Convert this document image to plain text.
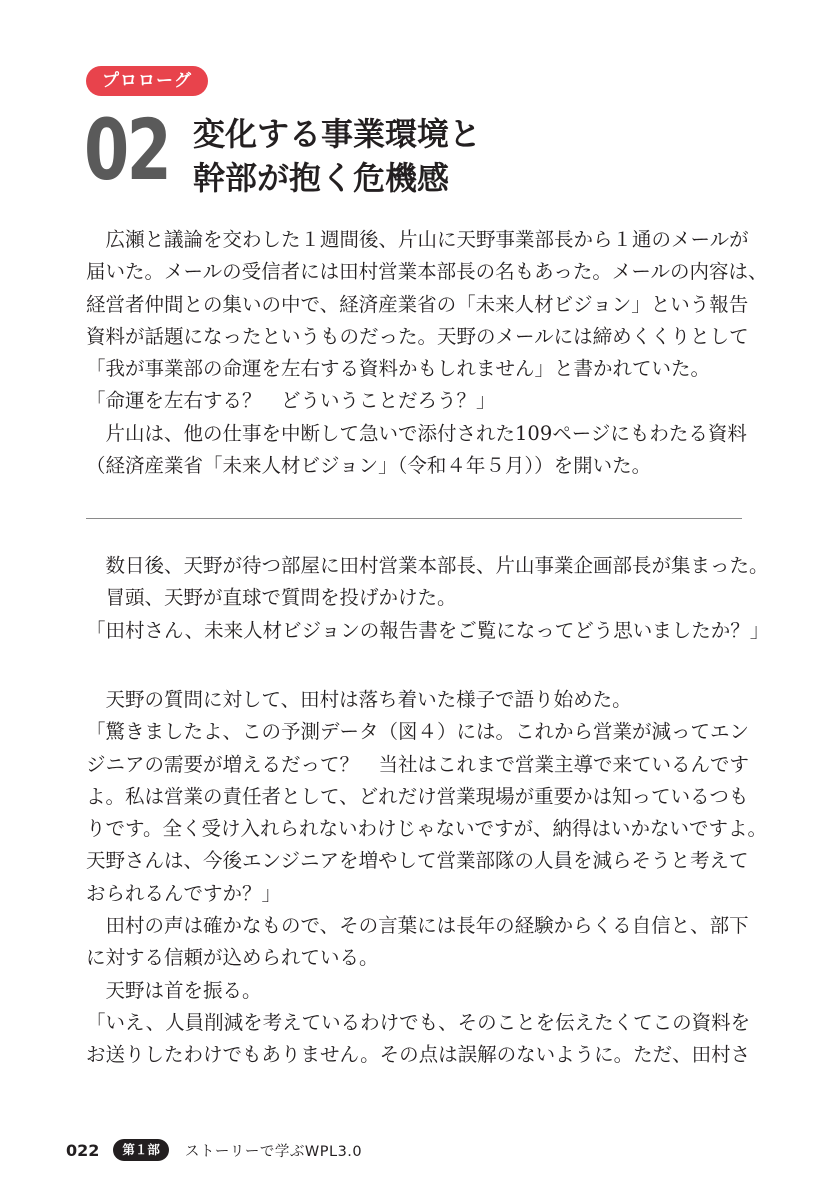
プロローグ
02 変化する事業環境と
幹部が抱く危機感

　広瀬と議論を交わした１週間後、片山に天野事業部長から１通のメールが

届いた。メールの受信者には田村営業本部長の名もあった。メールの内容は、

経営者仲間との集いの中で、経済産業省の「未来人材ビジョン」という報告

資料が話題になったというものだった。天野のメールには締めくくりとして

「我が事業部の命運を左右する資料かもしれません」と書かれていた。

「命運を左右する？　どういうことだろう？」

　片山は、他の仕事を中断して急いで添付された109ページにもわたる資料

（経済産業省「未来人材ビジョン」（令和４年５月））を開いた。

　数日後、天野が待つ部屋に田村営業本部長、片山事業企画部長が集まった。

　冒頭、天野が直球で質問を投げかけた。

「田村さん、未来人材ビジョンの報告書をご覧になってどう思いましたか？」

　天野の質問に対して、田村は落ち着いた様子で語り始めた。

「驚きましたよ、この予測データ（図４）には。これから営業が減ってエン

ジニアの需要が増えるだって？　当社はこれまで営業主導で来ているんです

よ。私は営業の責任者として、どれだけ営業現場が重要かは知っているつも

りです。全く受け入れられないわけじゃないですが、納得はいかないですよ。

天野さんは、今後エンジニアを増やして営業部隊の人員を減らそうと考えて

おられるんですか？」

　田村の声は確かなもので、その言葉には長年の経験からくる自信と、部下

に対する信頼が込められている。

　天野は首を振る。

「いえ、人員削減を考えているわけでも、そのことを伝えたくてこの資料を

お送りしたわけでもありません。その点は誤解のないように。ただ、田村さ

022	第１部	ストーリーで学ぶWPL3.0
